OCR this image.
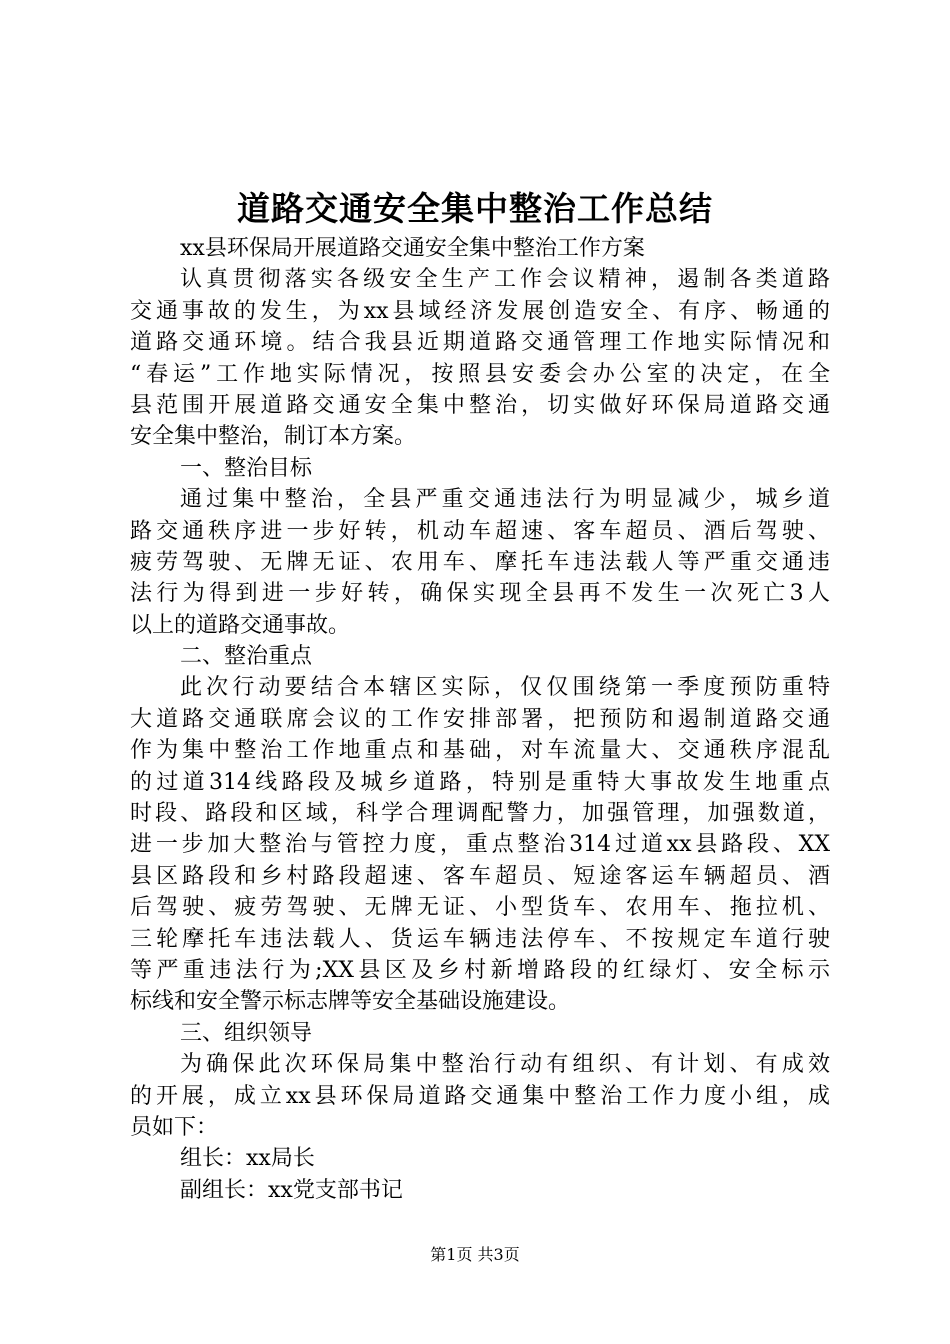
道路交通安全集中整治工作总结
xx县环保局开展道路交通安全集中整治工作方案
认真贯彻落实各级安全生产工作会议精神，遏制各类道路
交通事故的发生，为xx县域经济发展创造安全、有序、畅通的
道路交通环境。结合我县近期道路交通管理工作地实际情况和
“春运”工作地实际情况，按照县安委会办公室的决定，在全
县范围开展道路交通安全集中整治，切实做好环保局道路交通
安全集中整治，制订本方案。
一、整治目标
通过集中整治，全县严重交通违法行为明显减少，城乡道
路交通秩序进一步好转，机动车超速、客车超员、酒后驾驶、
疲劳驾驶、无牌无证、农用车、摩托车违法载人等严重交通违
法行为得到进一步好转，确保实现全县再不发生一次死亡3人
以上的道路交通事故。
二、整治重点
此次行动要结合本辖区实际，仅仅围绕第一季度预防重特
大道路交通联席会议的工作安排部署，把预防和遏制道路交通
作为集中整治工作地重点和基础，对车流量大、交通秩序混乱
的过道314线路段及城乡道路，特别是重特大事故发生地重点
时段、路段和区域，科学合理调配警力，加强管理，加强数道，
进一步加大整治与管控力度，重点整治314过道xx县路段、XX
县区路段和乡村路段超速、客车超员、短途客运车辆超员、酒
后驾驶、疲劳驾驶、无牌无证、小型货车、农用车、拖拉机、
三轮摩托车违法载人、货运车辆违法停车、不按规定车道行驶
等严重违法行为;XX县区及乡村新增路段的红绿灯、安全标示
标线和安全警示标志牌等安全基础设施建设。
三、组织领导
为确保此次环保局集中整治行动有组织、有计划、有成效
的开展，成立xx县环保局道路交通集中整治工作力度小组，成
员如下：
组长：xx局长
副组长：xx党支部书记

第1页 共3页
